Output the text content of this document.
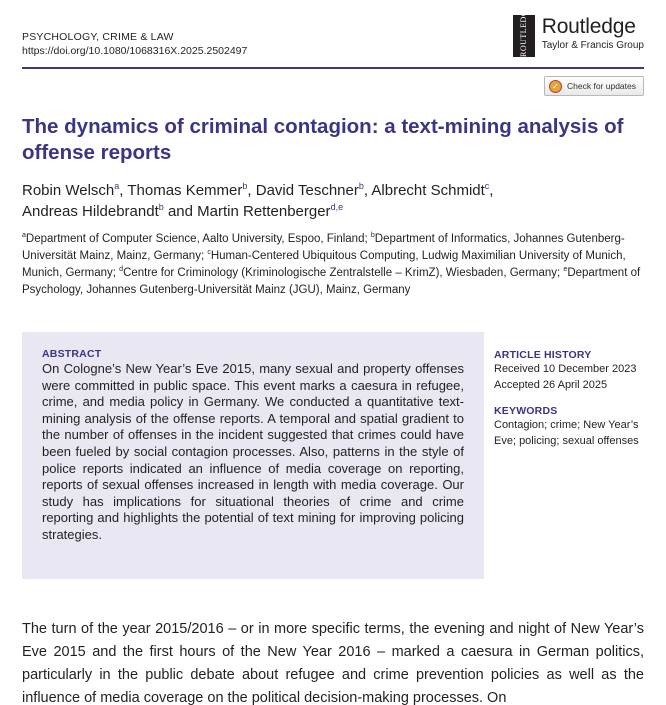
PSYCHOLOGY, CRIME & LAW
https://doi.org/10.1080/1068316X.2025.2502497	ROUTLEDGE Routledge
Taylor & Francis Group
✓ Check for updates
The dynamics of criminal contagion: a text-mining analysis of offense reports
Robin Welsch$^a$, Thomas Kemmer$^b$, David Teschner$^b$, Albrecht Schmidt$^c$,
Andreas Hildebrandt$^b$ and Martin Rettenberger$^{d,e}$
$^a$Department of Computer Science, Aalto University, Espoo, Finland; $^b$Department of Informatics, Johannes Gutenberg-Universität Mainz, Mainz, Germany; $^c$Human-Centered Ubiquitous Computing, Ludwig Maximilian University of Munich, Munich, Germany; $^d$Centre for Criminology (Kriminologische Zentralstelle – KrimZ), Wiesbaden, Germany; $^e$Department of Psychology, Johannes Gutenberg-Universität Mainz (JGU), Mainz, Germany
ABSTRACT

On Cologne’s New Year’s Eve 2015, many sexual and property offenses were committed in public space. This event marks a caesura in refugee, crime, and media policy in Germany. We conducted a quantitative text-mining analysis of the offense reports. A temporal and spatial gradient to the number of offenses in the incident suggested that crimes could have been fueled by social contagion processes. Also, patterns in the style of police reports indicated an influence of media coverage on reporting, reports of sexual offenses increased in length with media coverage. Our study has implications for situational theories of crime and crime reporting and highlights the potential of text mining for improving policing strategies.

ARTICLE HISTORY
Received 10 December 2023
Accepted 26 April 2025
KEYWORDS
Contagion; crime; New Year’s Eve; policing; sexual offenses

The turn of the year 2015/2016 – or in more specific terms, the evening and night of New Year’s Eve 2015 and the first hours of the New Year 2016 – marked a caesura in German politics, particularly in the public debate about refugee and crime prevention policies as well as the influence of media coverage on the political decision-making processes. On
